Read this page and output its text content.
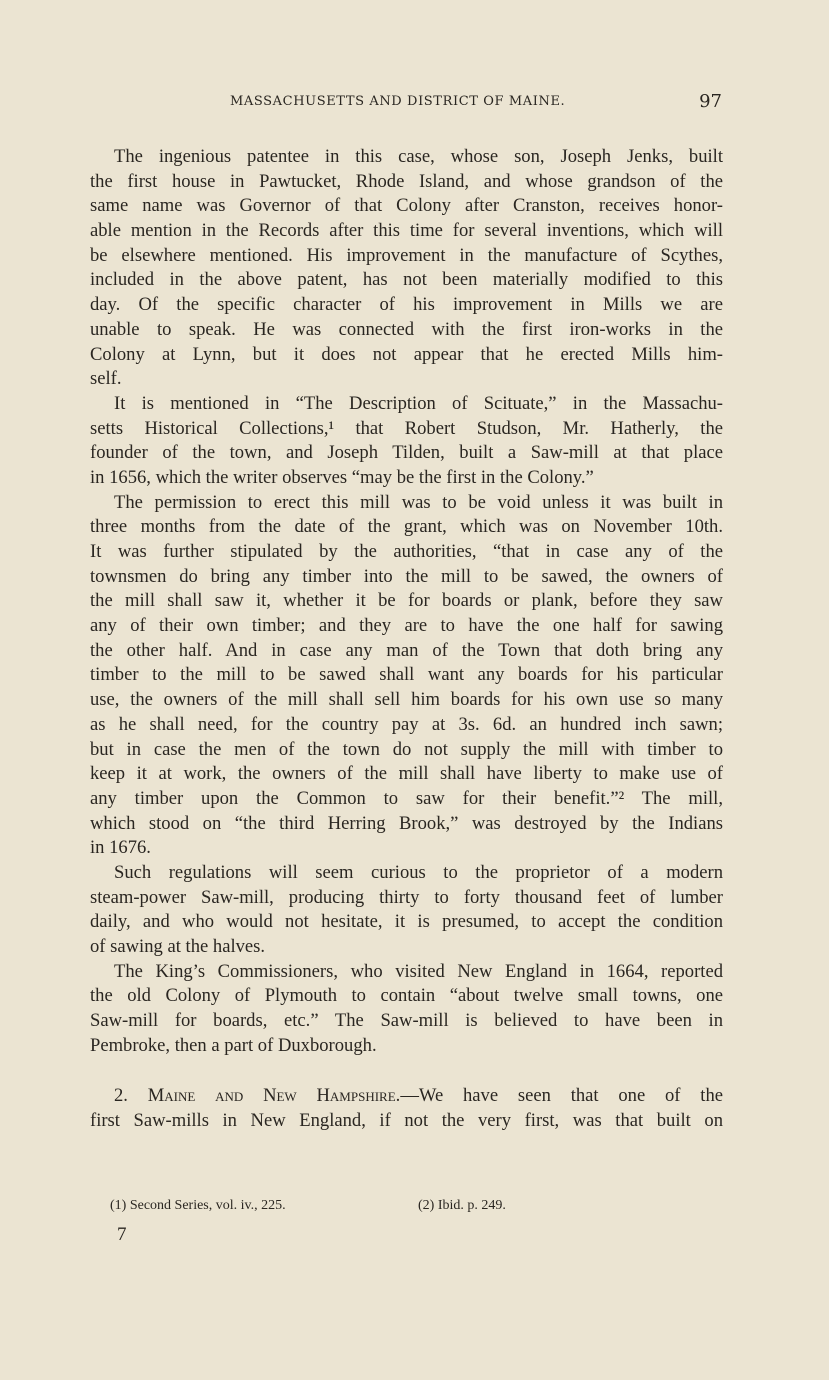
MASSACHUSETTS AND DISTRICT OF MAINE.	97
The ingenious patentee in this case, whose son, Joseph Jenks, built
the first house in Pawtucket, Rhode Island, and whose grandson of the
same name was Governor of that Colony after Cranston, receives honor-
able mention in the Records after this time for several inventions, which will
be elsewhere mentioned. His improvement in the manufacture of Scythes,
included in the above patent, has not been materially modified to this
day. Of the specific character of his improvement in Mills we are
unable to speak. He was connected with the first iron-works in the
Colony at Lynn, but it does not appear that he erected Mills him-
self.
It is mentioned in “The Description of Scituate,” in the Massachu-
setts Historical Collections,¹ that Robert Studson, Mr. Hatherly, the
founder of the town, and Joseph Tilden, built a Saw-mill at that place
in 1656, which the writer observes “may be the first in the Colony.”
The permission to erect this mill was to be void unless it was built in
three months from the date of the grant, which was on November 10th.
It was further stipulated by the authorities, “that in case any of the
townsmen do bring any timber into the mill to be sawed, the owners of
the mill shall saw it, whether it be for boards or plank, before they saw
any of their own timber; and they are to have the one half for sawing
the other half. And in case any man of the Town that doth bring any
timber to the mill to be sawed shall want any boards for his particular
use, the owners of the mill shall sell him boards for his own use so many
as he shall need, for the country pay at 3s. 6d. an hundred inch sawn;
but in case the men of the town do not supply the mill with timber to
keep it at work, the owners of the mill shall have liberty to make use of
any timber upon the Common to saw for their benefit.”² The mill,
which stood on “the third Herring Brook,” was destroyed by the Indians
in 1676.
Such regulations will seem curious to the proprietor of a modern
steam-power Saw-mill, producing thirty to forty thousand feet of lumber
daily, and who would not hesitate, it is presumed, to accept the condition
of sawing at the halves.
The King’s Commissioners, who visited New England in 1664, reported
the old Colony of Plymouth to contain “about twelve small towns, one
Saw-mill for boards, etc.” The Saw-mill is believed to have been in
Pembroke, then a part of Duxborough.
2. Maine and New Hampshire.—We have seen that one of the
first Saw-mills in New England, if not the very first, was that built on
(1) Second Series, vol. iv., 225.	(2) Ibid. p. 249.
7
